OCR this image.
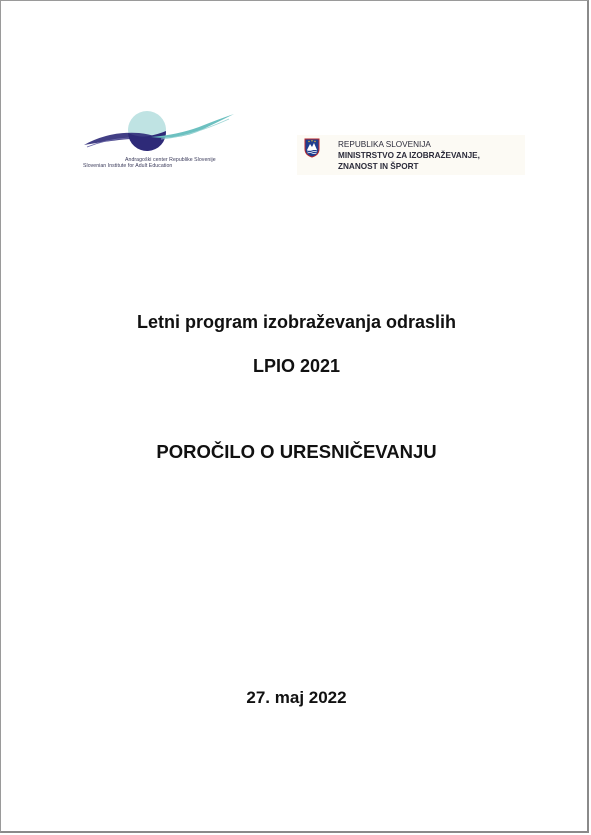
Andragoški center Republike Slovenije
Slovenian Institute for Adult Education
REPUBLIKA SLOVENIJA
MINISTRSTVO ZA IZOBRAŽEVANJE,
ZNANOST IN ŠPORT
Letni program izobraževanja odraslih
LPIO 2021
POROČILO O URESNIČEVANJU
27. maj 2022
